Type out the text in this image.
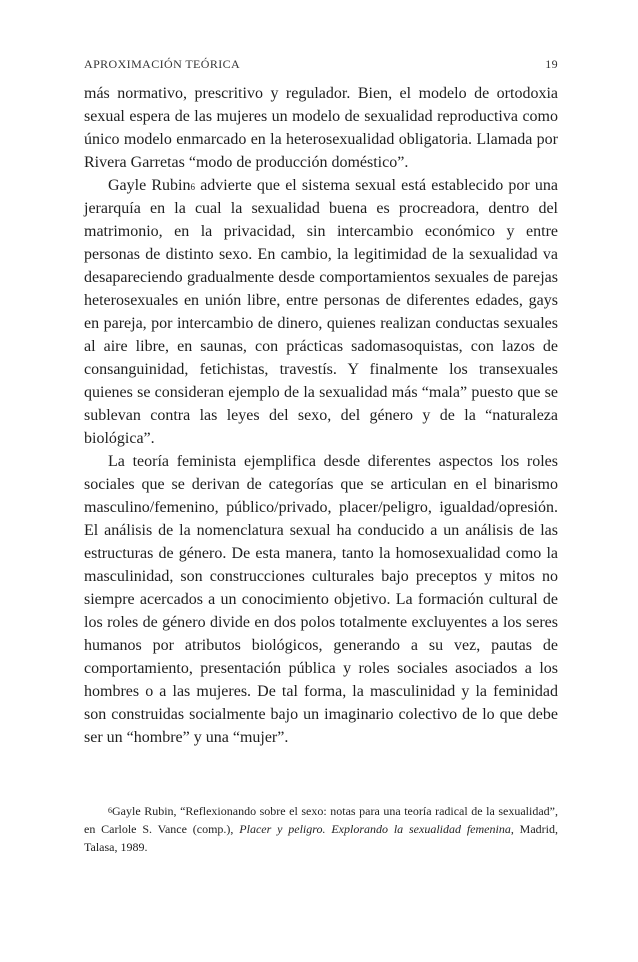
APROXIMACIÓN TEÓRICA	19

más normativo, prescritivo y regulador. Bien, el modelo de ortodoxia sexual espera de las mujeres un modelo de sexualidad reproductiva como único modelo enmarcado en la heterosexualidad obligatoria. Llamada por Rivera Garretas “modo de producción doméstico”.

Gayle Rubin$^6$ advierte que el sistema sexual está establecido por una jerarquía en la cual la sexualidad buena es procreadora, dentro del matrimonio, en la privacidad, sin intercambio económico y entre personas de distinto sexo. En cambio, la legitimidad de la sexualidad va desapareciendo gradualmente desde comportamientos sexuales de parejas heterosexuales en unión libre, entre personas de diferentes edades, gays en pareja, por intercambio de dinero, quienes realizan conductas sexuales al aire libre, en saunas, con prácticas sadomasoquistas, con lazos de consanguinidad, fetichistas, travestís. Y finalmente los transexuales quienes se consideran ejemplo de la sexualidad más “mala” puesto que se sublevan contra las leyes del sexo, del género y de la “naturaleza biológica”.

La teoría feminista ejemplifica desde diferentes aspectos los roles sociales que se derivan de categorías que se articulan en el binarismo masculino/femenino, público/privado, placer/peligro, igualdad/opresión. El análisis de la nomenclatura sexual ha conducido a un análisis de las estructuras de género. De esta manera, tanto la homosexualidad como la masculinidad, son construcciones culturales bajo preceptos y mitos no siempre acercados a un conocimiento objetivo. La formación cultural de los roles de género divide en dos polos totalmente excluyentes a los seres humanos por atributos biológicos, generando a su vez, pautas de comportamiento, presentación pública y roles sociales asociados a los hombres o a las mujeres. De tal forma, la masculinidad y la feminidad son construidas socialmente bajo un imaginario colectivo de lo que debe ser un “hombre” y una “mujer”.

$^6$Gayle Rubin, “Reflexionando sobre el sexo: notas para una teoría radical de la sexualidad”, en Carlole S. Vance (comp.), Placer y peligro. Explorando la sexualidad femenina, Madrid, Talasa, 1989.
